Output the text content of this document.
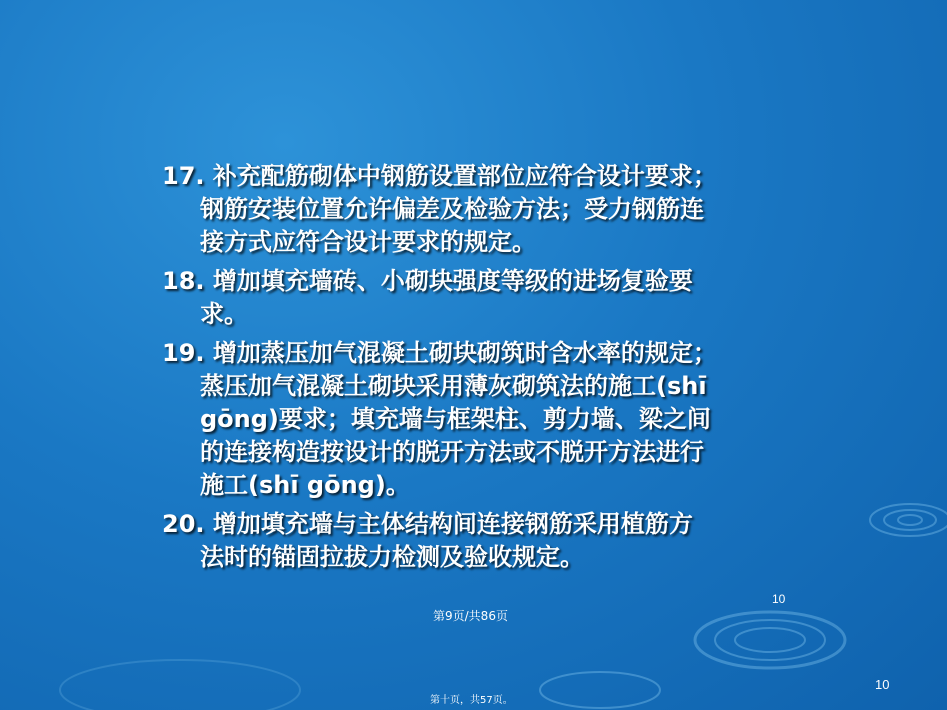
17. 补充配筋砌体中钢筋设置部位应符合设计要求；
钢筋安装位置允许偏差及检验方法；受力钢筋连
接方式应符合设计要求的规定。
18. 增加填充墙砖、小砌块强度等级的进场复验要
求。
19. 增加蒸压加气混凝土砌块砌筑时含水率的规定；
蒸压加气混凝土砌块采用薄灰砌筑法的施工(shī
gōng)要求；填充墙与框架柱、剪力墙、梁之间
的连接构造按设计的脱开方法或不脱开方法进行
施工(shī gōng)。
20. 增加填充墙与主体结构间连接钢筋采用植筋方
法时的锚固拉拔力检测及验收规定。
10
第9页/共86页
10
第十页，共57页。
